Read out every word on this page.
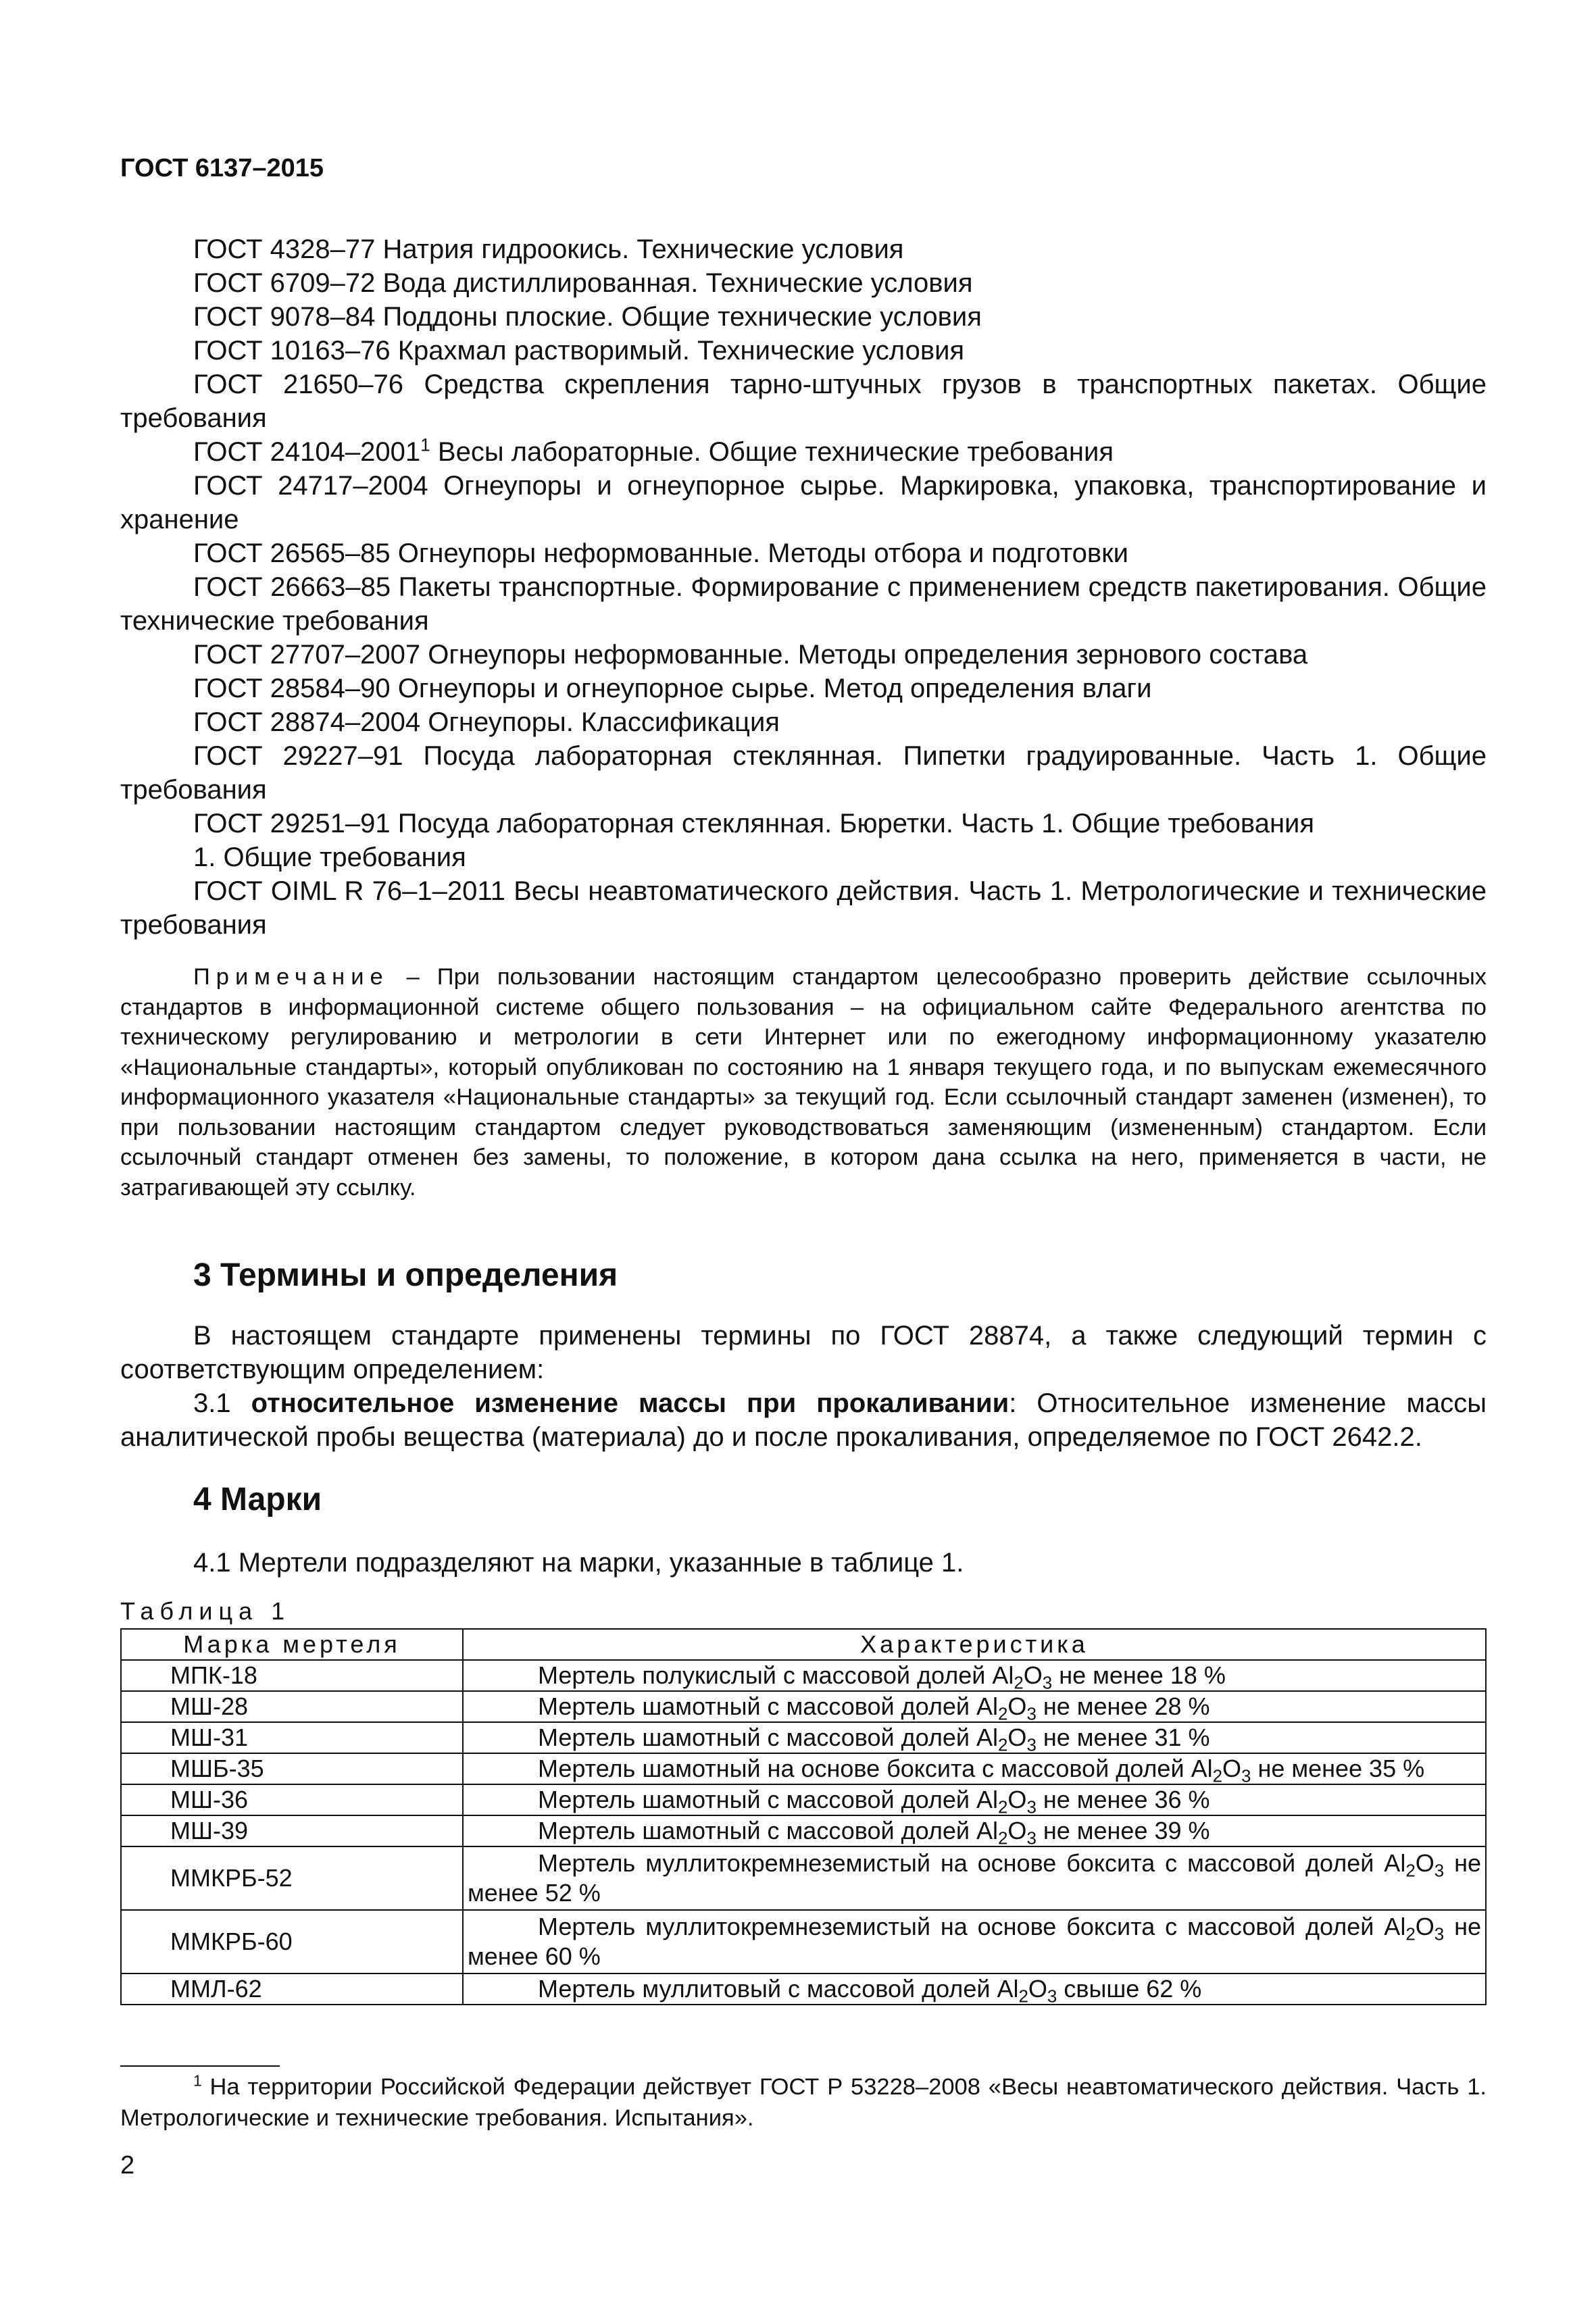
ГОСТ 6137–2015

ГОСТ 4328–77 Натрия гидроокись. Технические условия

ГОСТ 6709–72 Вода дистиллированная. Технические условия

ГОСТ 9078–84 Поддоны плоские. Общие технические условия

ГОСТ 10163–76 Крахмал растворимый. Технические условия

ГОСТ 21650–76 Средства скрепления тарно-штучных грузов в транспортных пакетах. Общие требования

ГОСТ 24104–2001$^1$ Весы лабораторные. Общие технические требования

ГОСТ 24717–2004 Огнеупоры и огнеупорное сырье. Маркировка, упаковка, транспортирование и хранение

ГОСТ 26565–85 Огнеупоры неформованные. Методы отбора и подготовки

ГОСТ 26663–85 Пакеты транспортные. Формирование с применением средств пакетирования. Общие технические требования

ГОСТ 27707–2007 Огнеупоры неформованные. Методы определения зернового состава

ГОСТ 28584–90 Огнеупоры и огнеупорное сырье. Метод определения влаги

ГОСТ 28874–2004 Огнеупоры. Классификация

ГОСТ 29227–91 Посуда лабораторная стеклянная. Пипетки градуированные. Часть 1. Общие требования

ГОСТ 29251–91 Посуда лабораторная стеклянная. Бюретки. Часть 1. Общие требования

1. Общие требования

ГОСТ OIML R 76–1–2011 Весы неавтоматического действия. Часть 1. Метрологические и технические требования

Примечание – При пользовании настоящим стандартом целесообразно проверить действие ссылочных стандартов в информационной системе общего пользования – на официальном сайте Федерального агентства по техническому регулированию и метрологии в сети Интернет или по ежегодному информационному указателю «Национальные стандарты», который опубликован по состоянию на 1 января текущего года, и по выпускам ежемесячного информационного указателя «Национальные стандарты» за текущий год. Если ссылочный стандарт заменен (изменен), то при пользовании настоящим стандартом следует руководствоваться заменяющим (измененным) стандартом. Если ссылочный стандарт отменен без замены, то положение, в котором дана ссылка на него, применяется в части, не затрагивающей эту ссылку.

3 Термины и определения

В настоящем стандарте применены термины по ГОСТ 28874, а также следующий термин с соответствующим определением:

3.1 относительное изменение массы при прокаливании: Относительное изменение массы аналитической пробы вещества (материала) до и после прокаливания, определяемое по ГОСТ 2642.2.

4 Марки

4.1 Мертели подразделяют на марки, указанные в таблице 1.

Таблица 1
Марка мертеля	Характеристика
МПК-18	Мертель полукислый с массовой долей $Al_2O_3$ не менее 18 %
МШ-28	Мертель шамотный с массовой долей $Al_2O_3$ не менее 28 %
МШ-31	Мертель шамотный с массовой долей $Al_2O_3$ не менее 31 %
МШБ-35	Мертель шамотный на основе боксита с массовой долей $Al_2O_3$ не менее 35 %
МШ-36	Мертель шамотный с массовой долей $Al_2O_3$ не менее 36 %
МШ-39	Мертель шамотный с массовой долей $Al_2O_3$ не менее 39 %
ММКРБ-52	Мертель муллитокремнеземистый на основе боксита с массовой долей $Al_2O_3$ не менее 52 %
ММКРБ-60	Мертель муллитокремнеземистый на основе боксита с массовой долей $Al_2O_3$ не менее 60 %
ММЛ-62	Мертель муллитовый с массовой долей $Al_2O_3$ свыше 62 %

$^1$ На территории Российской Федерации действует ГОСТ Р 53228–2008 «Весы неавтоматического действия. Часть 1. Метрологические и технические требования. Испытания».

2
